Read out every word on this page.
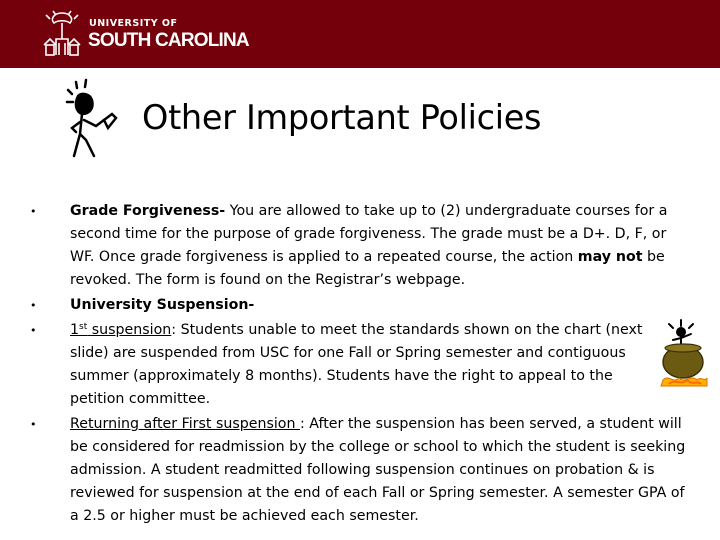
UNIVERSITY OF
SOUTH CAROLINA
Other Important Policies
• Grade Forgiveness- You are allowed to take up to (2) undergraduate courses for a second time for the purpose of grade forgiveness. The grade must be a D+. D, F, or WF. Once grade forgiveness is applied to a repeated course, the action may not be revoked. The form is found on the Registrar’s webpage.
• University Suspension-
• 1st suspension: Students unable to meet the standards shown on the chart (next slide) are suspended from USC for one Fall or Spring semester and contiguous summer (approximately 8 months). Students have the right to appeal to the petition committee.
• Returning after First suspension : After the suspension has been served, a student will be considered for readmission by the college or school to which the student is seeking admission. A student readmitted following suspension continues on probation & is reviewed for suspension at the end of each Fall or Spring semester. A semester GPA of a 2.5 or higher must be achieved each semester.
